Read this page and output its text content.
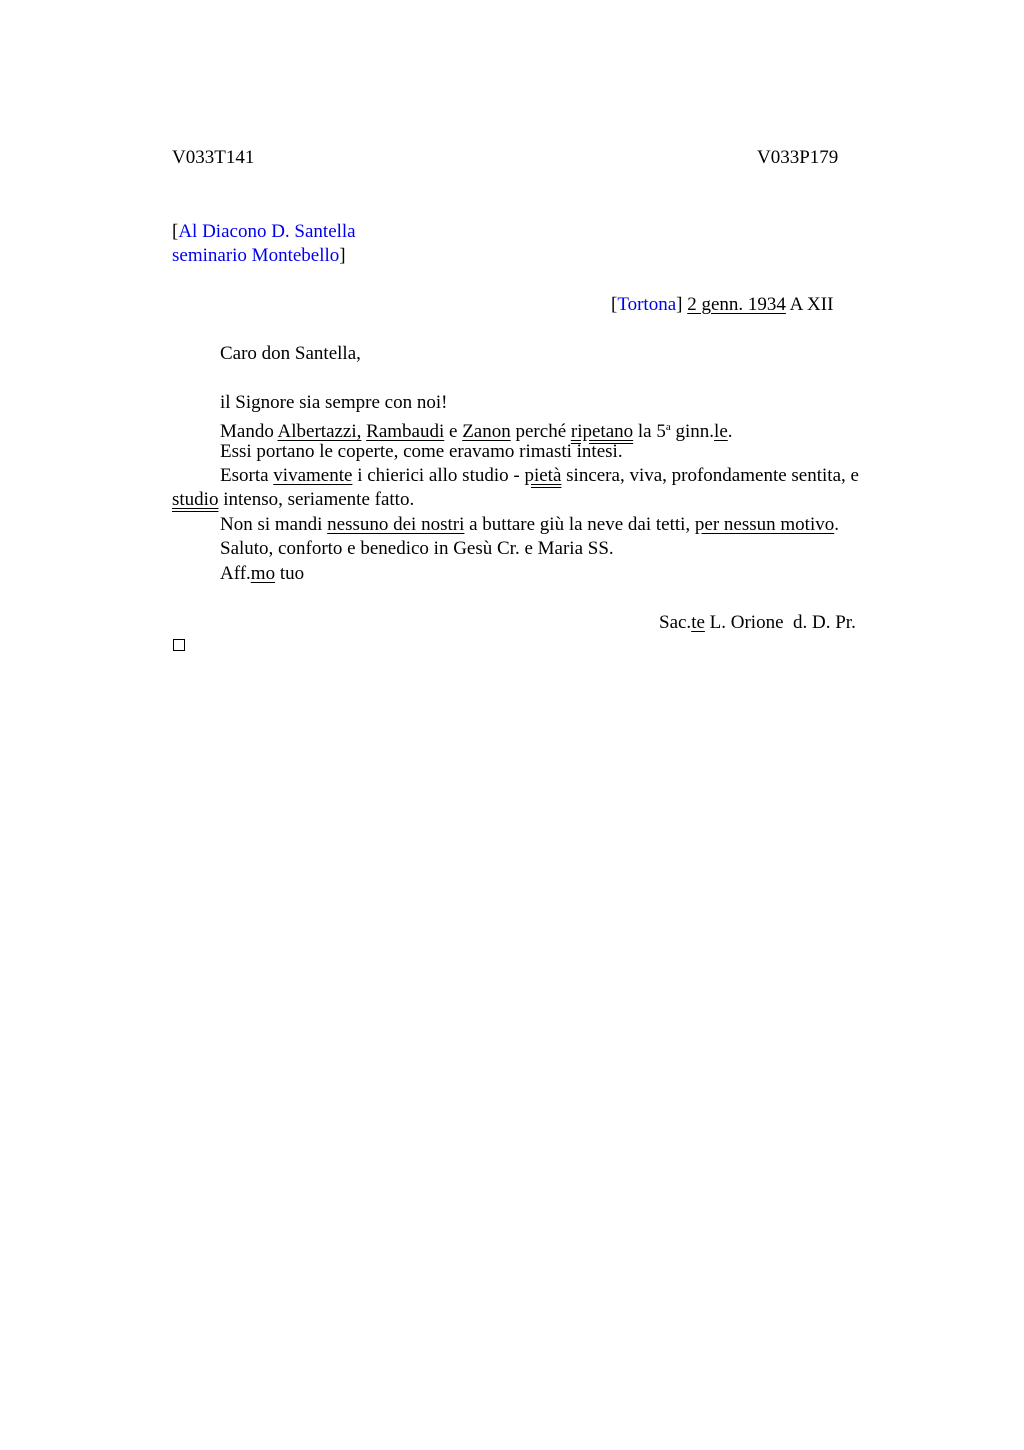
V033T141	V033P179
[Al Diacono D. Santella
seminario Montebello]
[Tortona] 2 genn. 1934 A XII
Caro don Santella,
il Signore sia sempre con noi!
Mando Albertazzi, Rambaudi e Zanon perché ripetano la 5$^a$ ginn.le.
Essi portano le coperte, come eravamo rimasti intesi.
Esorta vivamente i chierici allo studio - pietà sincera, viva, profondamente sentita, e studio intenso, seriamente fatto.
Non si mandi nessuno dei nostri a buttare giù la neve dai tetti, per nessun motivo.
Saluto, conforto e benedico in Gesù Cr. e Maria SS.
Aff.mo tuo
Sac.te L. Orione  d. D. Pr.
